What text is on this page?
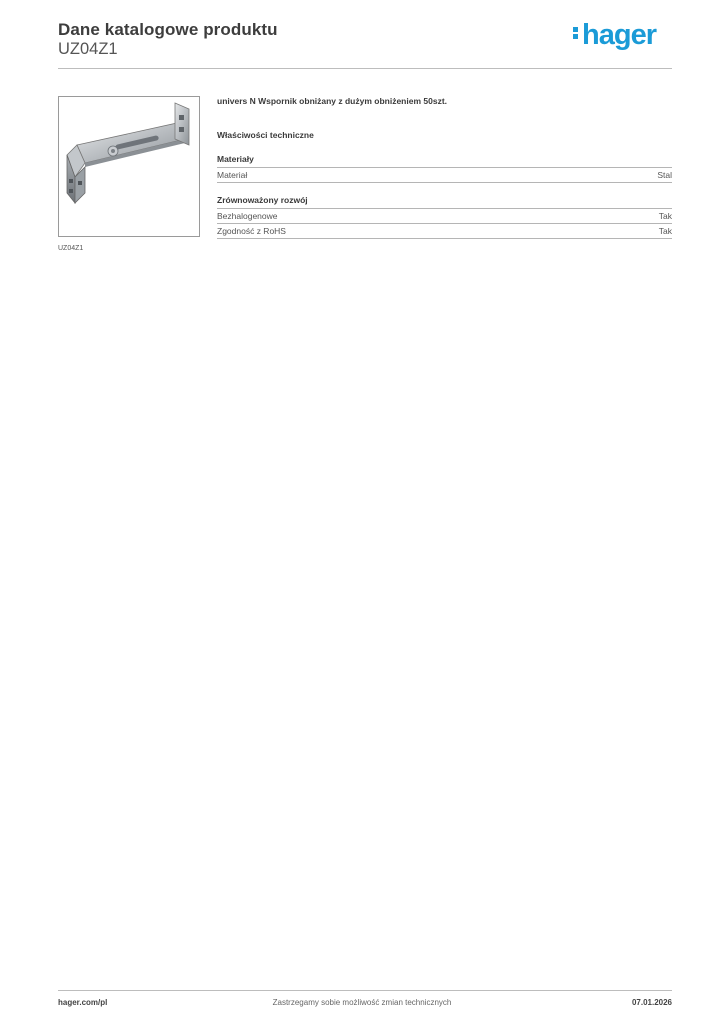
Dane katalogowe produktu
UZ04Z1	hager
UZ04Z1
univers N Wspornik obniżany z dużym obniżeniem 50szt.
Właściwości techniczne
Materiały
Materiał	Stal
Zrównoważony rozwój
Bezhalogenowe	Tak
Zgodność z RoHS	Tak
Zastrzegamy sobie możliwość zmian technicznych
hager.com/pl	07.01.2026
